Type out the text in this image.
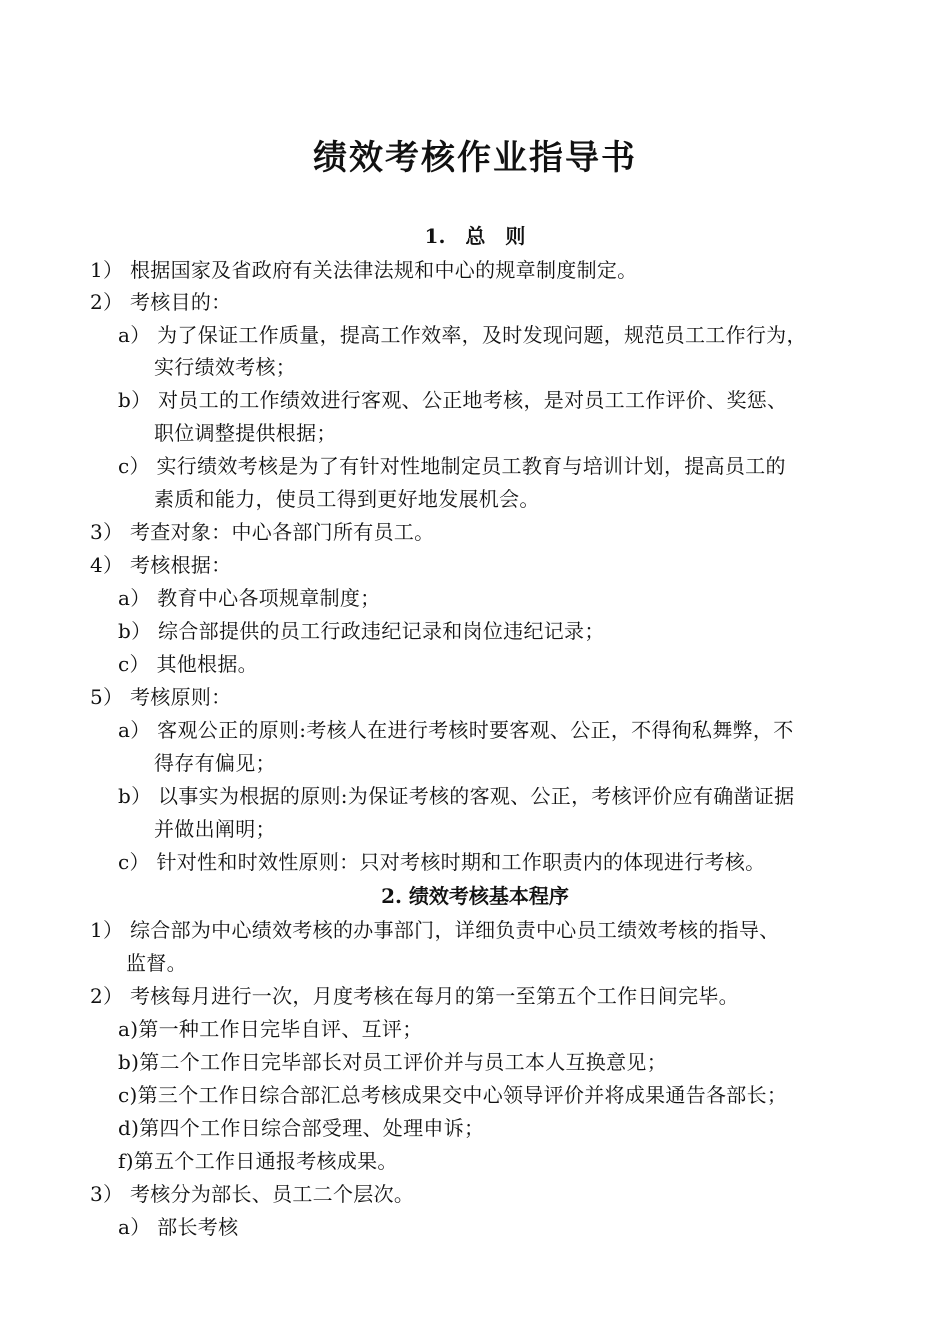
绩效考核作业指导书
1.　总　则
1） 根据国家及省政府有关法律法规和中心的规章制度制定。
2） 考核目的：
a） 为了保证工作质量，提高工作效率，及时发现问题，规范员工工作行为，
实行绩效考核；
b） 对员工的工作绩效进行客观、公正地考核，是对员工工作评价、奖惩、
职位调整提供根据；
c） 实行绩效考核是为了有针对性地制定员工教育与培训计划，提高员工的
素质和能力，使员工得到更好地发展机会。
3） 考查对象：中心各部门所有员工。
4） 考核根据：
a） 教育中心各项规章制度；
b） 综合部提供的员工行政违纪记录和岗位违纪记录；
c） 其他根据。
5） 考核原则：
a） 客观公正的原则:考核人在进行考核时要客观、公正，不得徇私舞弊，不
得存有偏见；
b） 以事实为根据的原则:为保证考核的客观、公正，考核评价应有确凿证据
并做出阐明；
c） 针对性和时效性原则：只对考核时期和工作职责内的体现进行考核。
2. 绩效考核基本程序
1） 综合部为中心绩效考核的办事部门，详细负责中心员工绩效考核的指导、
监督。
2） 考核每月进行一次，月度考核在每月的第一至第五个工作日间完毕。
a)第一种工作日完毕自评、互评；
b)第二个工作日完毕部长对员工评价并与员工本人互换意见；
c)第三个工作日综合部汇总考核成果交中心领导评价并将成果通告各部长；
d)第四个工作日综合部受理、处理申诉；
f)第五个工作日通报考核成果。
3） 考核分为部长、员工二个层次。
a） 部长考核
